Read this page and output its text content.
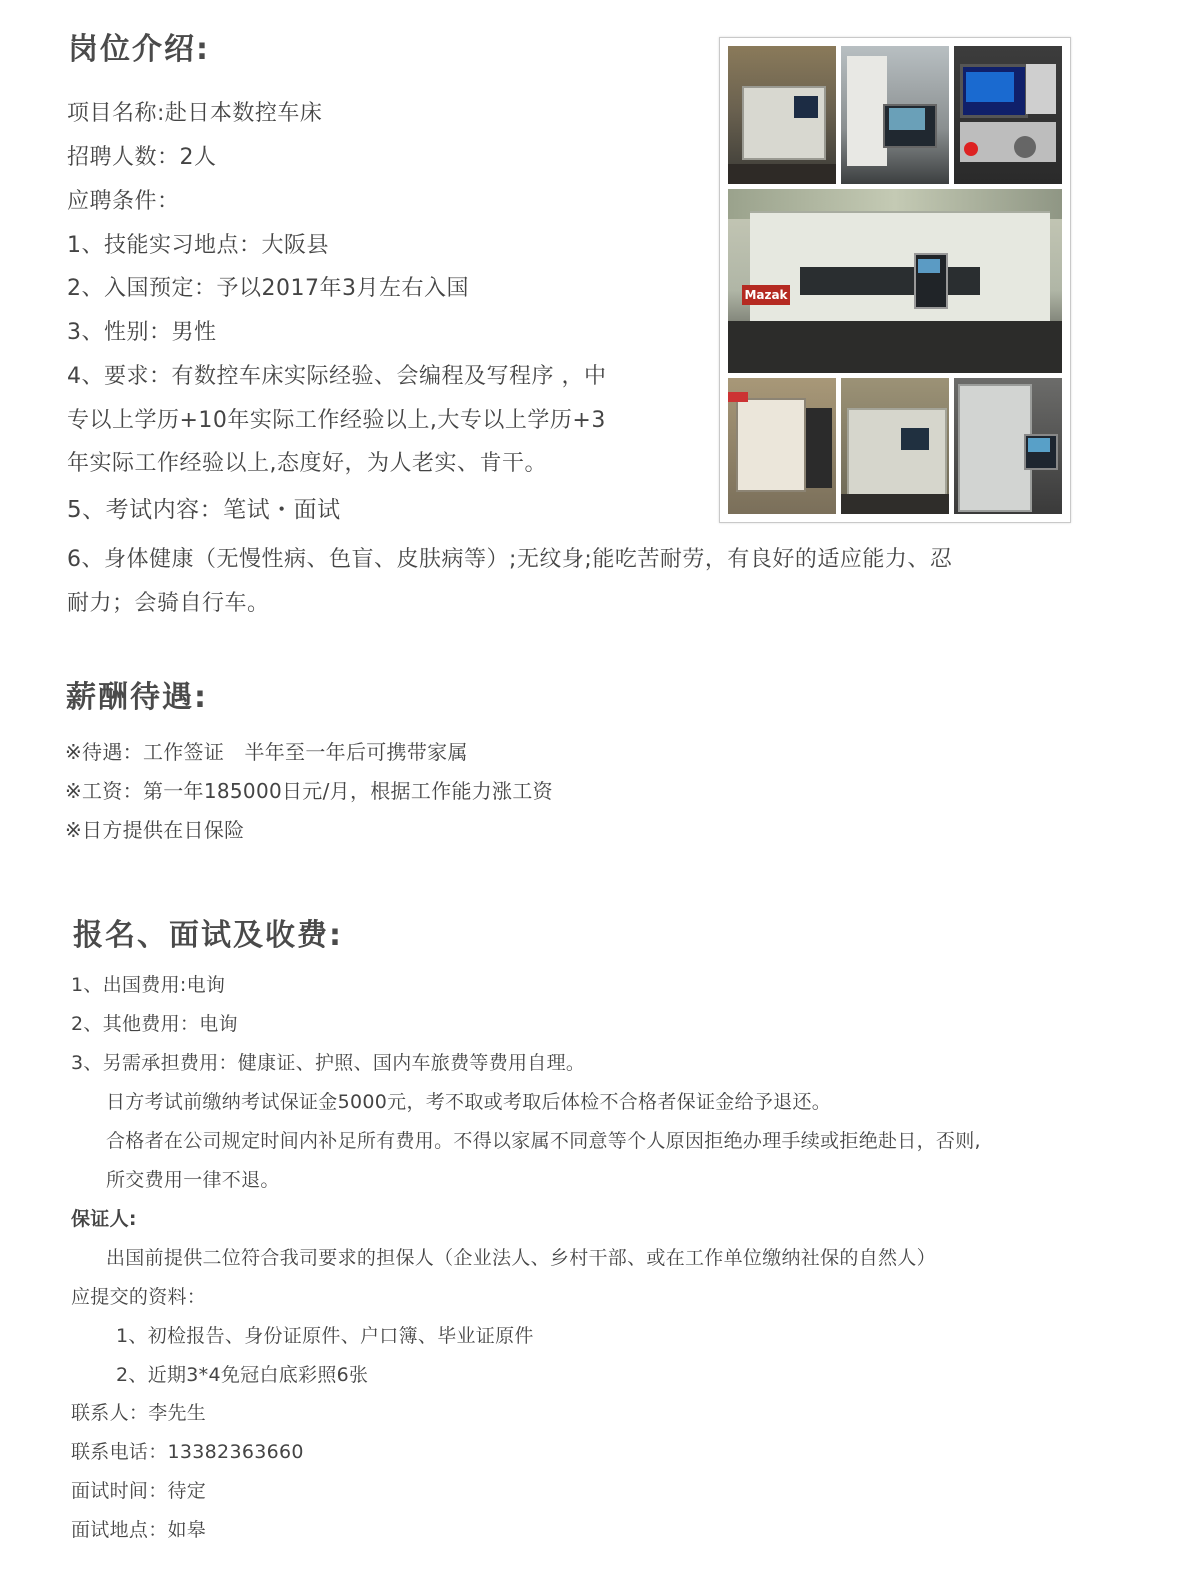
岗位介绍:
项目名称:赴日本数控车床
招聘人数：2人
应聘条件：
1、技能实习地点：大阪县
2、入国预定：予以2017年3月左右入国
3、性别：男性
4、要求：有数控车床实际经验、会编程及写程序 ，中
专以上学历+10年实际工作经验以上,大专以上学历+3
年实际工作经验以上,态度好，为人老实、肯干。
5、考试内容：笔试・面试
6、身体健康（无慢性病、色盲、皮肤病等）;无纹身;能吃苦耐劳，有良好的适应能力、忍
耐力；会骑自行车。
Mazak
薪酬待遇:
※待遇：工作签证　半年至一年后可携带家属
※工资：第一年185000日元/月，根据工作能力涨工资
※日方提供在日保险
报名、面试及收费:
1、出国费用:电询
2、其他费用：电询
3、另需承担费用：健康证、护照、国内车旅费等费用自理。
日方考试前缴纳考试保证金5000元，考不取或考取后体检不合格者保证金给予退还。
合格者在公司规定时间内补足所有费用。不得以家属不同意等个人原因拒绝办理手续或拒绝赴日，否则,
所交费用一律不退。
保证人:
出国前提供二位符合我司要求的担保人（企业法人、乡村干部、或在工作单位缴纳社保的自然人）
应提交的资料：
1、初检报告、身份证原件、户口簿、毕业证原件
2、近期3*4免冠白底彩照6张
联系人：李先生
联系电话：13382363660
面试时间：待定
面试地点：如皋
